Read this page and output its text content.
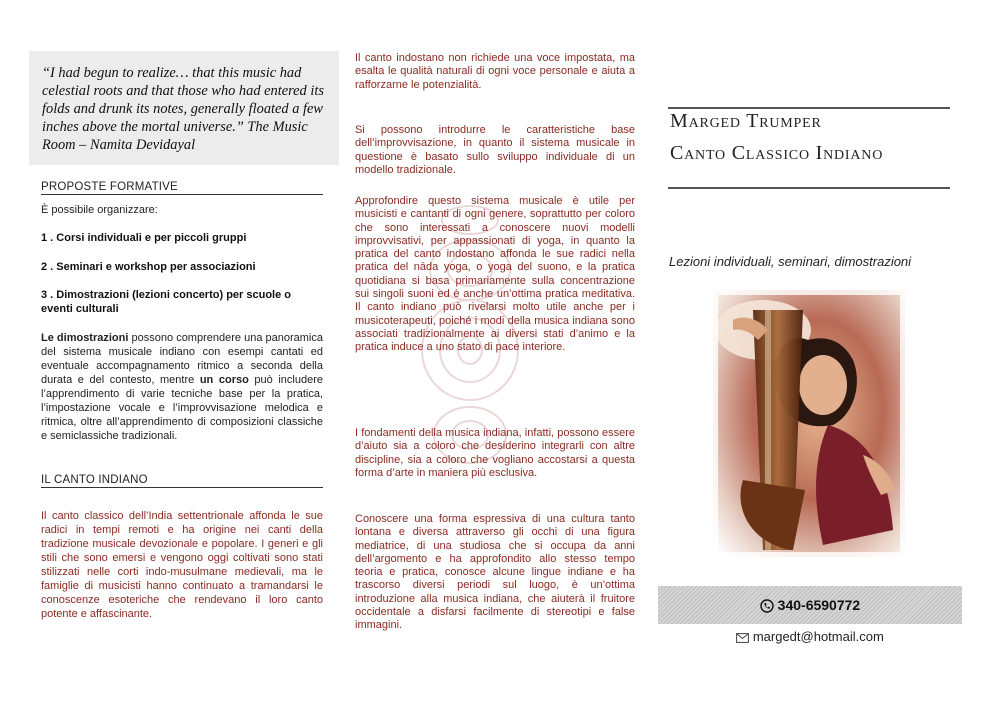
“I had begun to realize… that this music had celestial roots and that those who had entered its folds and drunk its notes, generally floated a few inches above the mortal universe.” The Music Room – Namita Devidayal
PROPOSTE FORMATIVE
È possibile organizzare:
1 . Corsi individuali e per piccoli gruppi
2 . Seminari e workshop per associazioni
3 . Dimostrazioni (lezioni concerto) per scuole o eventi culturali
Le dimostrazioni possono comprendere una panoramica del sistema musicale indiano con esempi cantati ed eventuale accompagnamento ritmico a seconda della durata e del contesto, mentre un corso può includere l’apprendimento di varie tecniche base per la pratica, l’impostazione vocale e l’improvvisazione melodica e ritmica, oltre all’apprendimento di composizioni classiche e semiclassiche tradizionali.
IL CANTO INDIANO
Il canto classico dell’India settentrionale affonda le sue radici in tempi remoti e ha origine nei canti della tradizione musicale devozionale e popolare. I generi e gli stili che sono emersi e vengono oggi coltivati sono stati stilizzati nelle corti indo-musulmane medievali, ma le famiglie di musicisti hanno continuato a tramandarsi le conoscenze esoteriche che rendevano il loro canto potente e affascinante.
Il canto indostano non richiede una voce impostata, ma esalta le qualità naturali di ogni voce personale e aiuta a rafforzarne le potenzialità.
Si possono introdurre le caratteristiche base dell’improvvisazione, in quanto il sistema musicale in questione è basato sullo sviluppo individuale di un modello tradizionale.
Approfondire questo sistema musicale è utile per musicisti e cantanti di ogni genere, soprattutto per coloro che sono interessati a conoscere nuovi modelli improvvisativi, per appassionati di yoga, in quanto la pratica del canto indostano affonda le sue radici nella pratica del nāda yoga, o yoga del suono, e la pratica quotidiana si basa primariamente sulla concentrazione sui singoli suoni ed è anche un’ottima pratica meditativa. Il canto indiano può rivelarsi molto utile anche per i musicoterapeuti, poiché i modi della musica indiana sono associati tradizionalmente ai diversi stati d’animo e la pratica induce a uno stato di pace interiore.
I fondamenti della musica indiana, infatti, possono essere d’aiuto sia a coloro che desiderino integrarli con altre discipline, sia a coloro che vogliano accostarsi a questa forma d’arte in maniera più esclusiva.
Conoscere una forma espressiva di una cultura tanto lontana e diversa attraverso gli occhi di una figura mediatrice, di una studiosa che si occupa da anni dell’argomento e ha approfondito allo stesso tempo teoria e pratica, conosce alcune lingue indiane e ha trascorso diversi periodi sul luogo, è un’ottima introduzione alla musica indiana, che aiuterà il fruitore occidentale a disfarsi facilmente di stereotipi e false immagini.
Marged Trumper
Canto Classico Indiano
Lezioni individuali, seminari, dimostrazioni
340-6590772
margedt@hotmail.com
